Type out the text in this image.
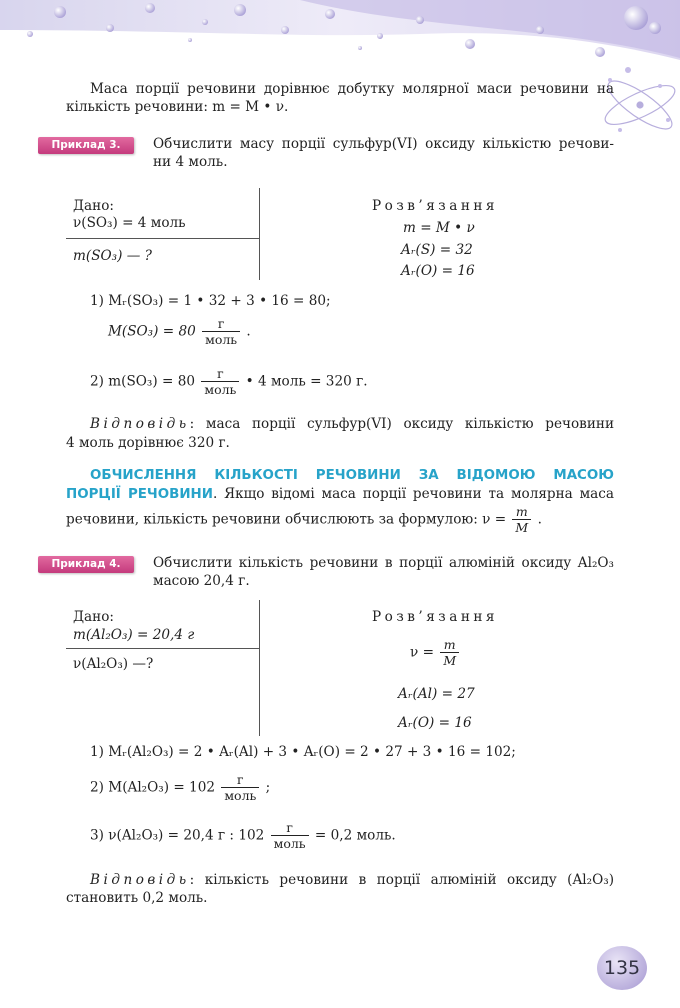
Маса порції речовини дорівнює добутку молярної маси речовини на
кількість речовини: m = M • ν.
Приклад 3.	Обчислити масу порції сульфур(VI) оксиду кількістю речови-
ни 4 моль.
Дано:
ν(SO₃) = 4 моль
m(SO₃) — ?
Розв’язання
m = M • ν
Aᵣ(S) = 32
Aᵣ(O) = 16
1) Mᵣ(SO₃) = 1 • 32 + 3 • 16 = 80;
$M(SO_3) = 80 \frac{г}{\text{моль}}$ .
2) $m(SO_3) = 80 \frac{г}{\text{моль}}$ • 4 моль = 320 г.
Відповідь: маса порції сульфур(VI) оксиду кількістю речовини
4 моль дорівнює 320 г.
ОБЧИСЛЕННЯ КІЛЬКОСТІ РЕЧОВИНИ ЗА ВІДОМОЮ МАСОЮ
ПОРЦІЇ РЕЧОВИНИ. Якщо відомі маса порції речовини та молярна маса
речовини, кількість речовини обчислюють за формулою: $\nu = \frac{m}{M}$ .
Приклад 4.	Обчислити кількість речовини в порції алюміній оксиду Al₂O₃
масою 20,4 г.
Дано:
m(Al₂O₃) = 20,4 г
ν(Al₂O₃) —?
Розв’язання
$\nu = \frac{m}{M}$
Aᵣ(Al) = 27
Aᵣ(O) = 16
1) Mᵣ(Al₂O₃) = 2 • Aᵣ(Al) + 3 • Aᵣ(O) = 2 • 27 + 3 • 16 = 102;
2) $M(Al_2O_3) = 102 \frac{г}{\text{моль}}$ ;
3) ν(Al₂O₃) = 20,4 г : $102 \frac{г}{\text{моль}} = 0,2$ моль.
Відповідь: кількість речовини в порції алюміній оксиду (Al₂O₃)
становить 0,2 моль.
135
